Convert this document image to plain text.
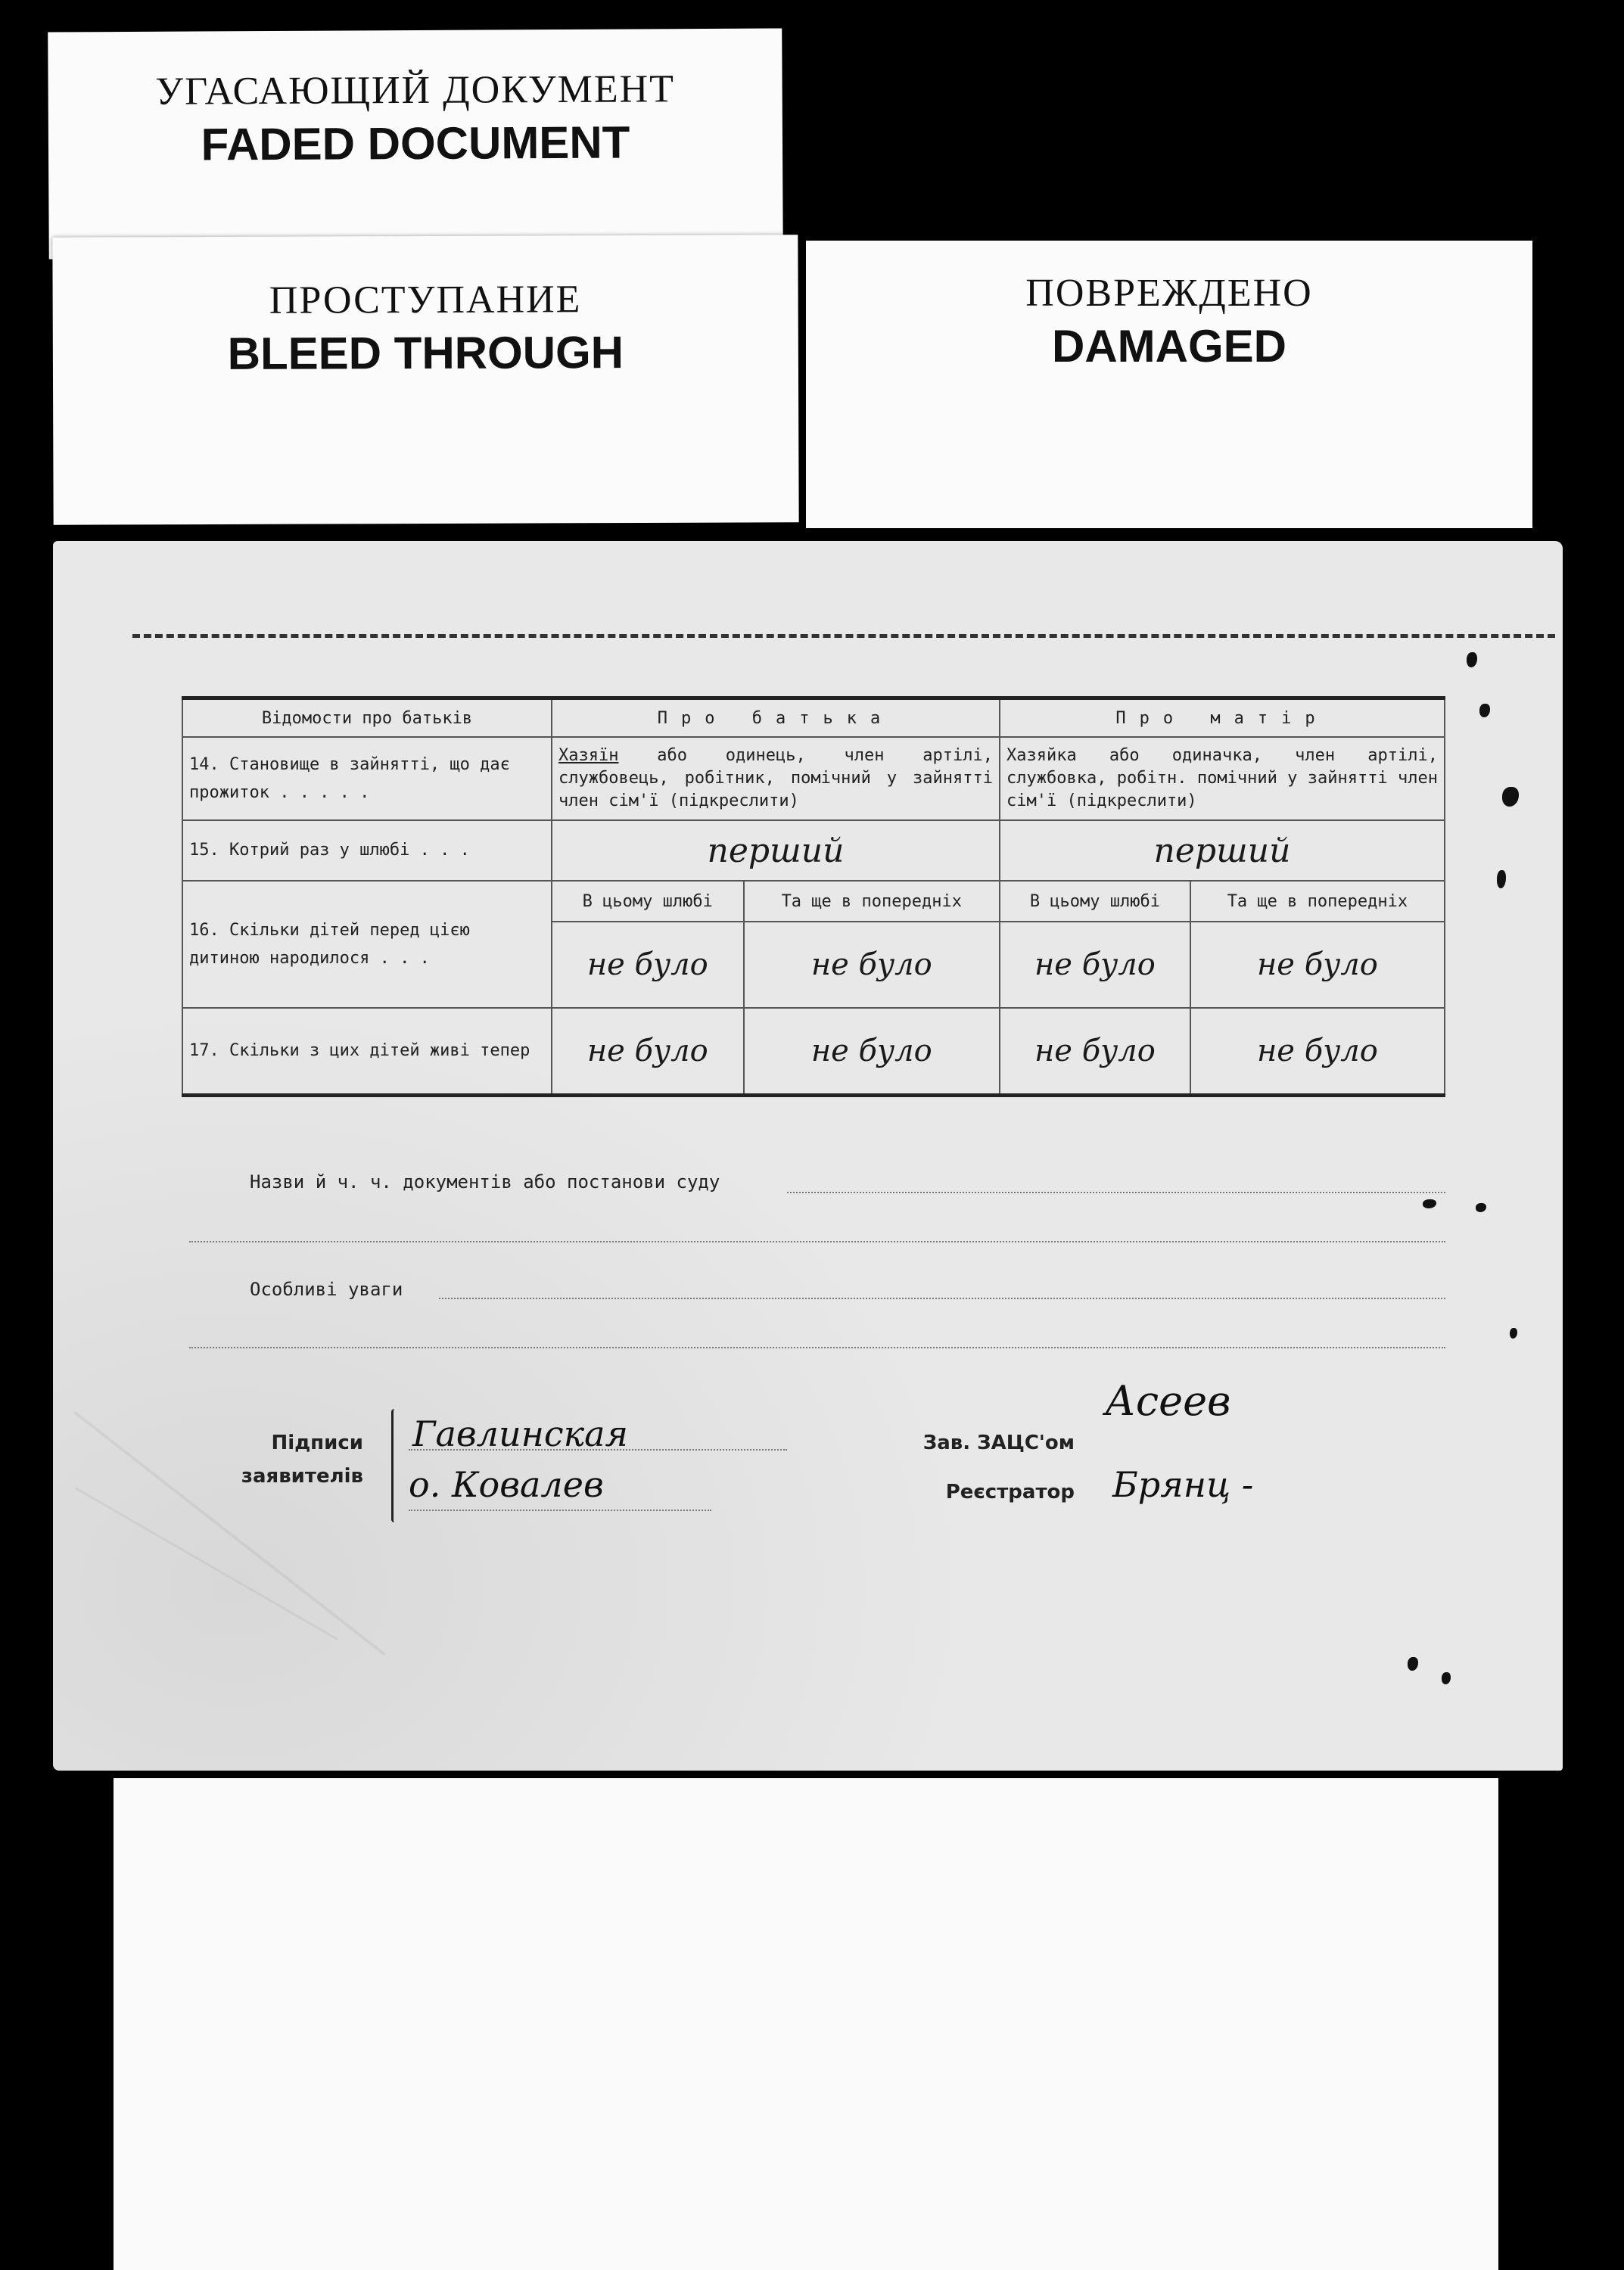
УГАСАЮЩИЙ ДОКУМЕНТ
FADED DOCUMENT
ПРОСТУПАНИЕ
BLEED THROUGH
ПОВРЕЖДЕНО
DAMAGED
Відомости про батьків	Про батька		Про матір	
14. Становище в зайнятті, що дає прожиток . . . . .	Хазяїн або одинець, член артілі, службовець, робітник, помічний у зайнятті член сім'ї (підкреслити)		Хазяйка або одиначка, член артілі, службовка, робітн. помічний у зайнятті член сім'ї (підкреслити)	
15. Котрий раз у шлюбі . . .	перший		перший	
16. Скільки дітей перед цією дитиною народилося . . .	В цьому шлюбі	Та ще в попередніх	В цьому шлюбі	Та ще в попередніх
	не було	не було	не було	не було
17. Скільки з цих дітей живі тепер	не було	не було	не було	не було
Назви й ч. ч. документів або постанови суду
Особливі уваги
Підписи
заявителів
Гавлинская
о. Ковалев
Зав. ЗАЦС'ом
Асеев
Реєстратор Брянц -
